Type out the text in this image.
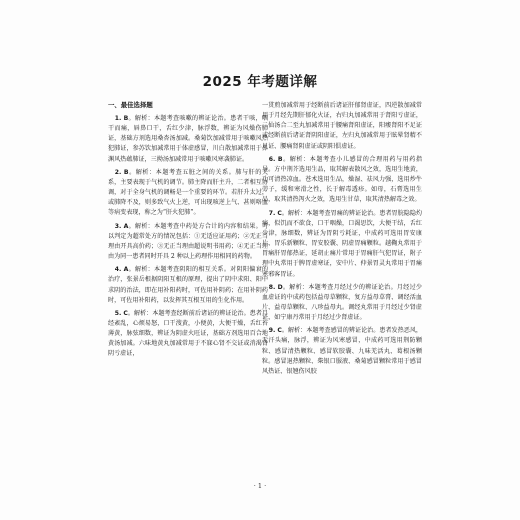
2025 年考题详解
一、最佳选择题

1. B。解析：本题考查咳嗽的辨证论治。患者干咳，咽干而痛，唇鼻口干，舌红少津，脉浮数，辨证为风燥伤肺证，基础方剂选用桑杏汤加减。桑菊饮加减常用于咳嗽风热犯肺证，参苏饮加减常用于体虚感冒，川白散加减常用于鼻渊风热蕴肺证，三拗汤加减常用于咳嗽风寒袭肺证。

2. B。解析：本题考查五脏之间的关系。肺与肝的关系，主要表现于气机的调节。肺主降而肝主升，二者相互协调，对于全身气机的调畅是一个重要的环节。若肝升太过，或肺降不及，则多致气火上逆，可出现咳逆上气、甚则咯血等病变表现，称之为“肝火犯肺”。

3. A。解析：本题考查中药处方合计的内容和结果。可以判定为超常处方的情况包括：①无适应证用药；②无正当理由开具高价药；③无正当理由超说明书用药；④无正当理由为同一患者同时开具 2 种以上药理作用相同的药物。

4. A。解析：本题考查阴阳的相互关系。对阴阳偏衰的治疗，张景岳根据阴阳互根的原理，提出了阴中求阳、阳中求阴的治法，即在用补阳药时，可佐用补阴药；在用补阴药时，可佐用补阳药，以发挥其互根互用的生化作用。

5. C。解析：本题考查经断前后诸证的辨证论治。患者月经紊乱，心烦易怒，口干溲黄，小便黄，大便干燥，舌红苔薄黄，脉弦细数，辨证为阴虚火旺证，基础方剂选用百合地黄汤加减。六味地黄丸加减常用于不寐心肾不交证或消渴肾阴亏虚证，

一贯煎加减常用于经断前后诸证肝郁肾虚证，四逆散加减常用于月经先期肝郁化火证，右归丸加减常用于肾阳亏虚证，二仙汤合二至丸加减常用于腰痛肾阳虚证，阳痿肾阳不足证或经断前后诸证肾阴阳虚证，左归丸加减常用于眩晕肾精不足证、腰痛肾阴虚证或阴阳俱虚证。

6. B。解析：本题考查小儿感冒的合理用药与用药指导。方中荆芥选用生品，取其解表散风之效，选用生地黄，功可清热凉血。苍术选用生品，燥湿、祛风力强，选用炒牛蒡子，缓和寒滑之性，长于解毒透疹。如母，石膏选用生品，取其清热泻火之效，选用生甘草，取其清热解毒之效。

7. C。解析：本题考查胃痛的辨证论治。患者胃脘隐隐灼痛，似饥而不欲食，口干咽燥，口渴思饮，大便干结，舌红少津，脉细数，辨证为胃阴亏耗证，中成药可选用胃安康片、胃乐新颗粒、胃安胶囊、阴虚胃痛颗粒。越鞠丸常用于胃痛肝胃郁热证，延胡止痛片常用于胃痛肝气犯胃证，附子理中丸常用于脾胃虚寒证，安中片、仲景胃灵丸常用于胃痛寒邪客胃证。

8. D。解析：本题考查月经过少的辨证论治。月经过少血虚证的中成药包括益母草颗粒，复方益母草膏、调经活血片、益母草颗粒、八珍益母丸。调经丸常用于月经过少肾虚证，如宁康丹常用于月经过少肾虚证。

9. C。解析：本题考查感冒的辨证论治。患者发热恶风，无汗头痛，脉浮，辨证为风寒感冒，中成药可选用荆防颗粒、感冒清热颗粒、感冒软胶囊、九味羌活丸、葛根汤颗粒。感冒退热颗粒、柴银口服液、桑菊感冒颗粒常用于感冒风热证、银翘伤风胶

· 1 ·
